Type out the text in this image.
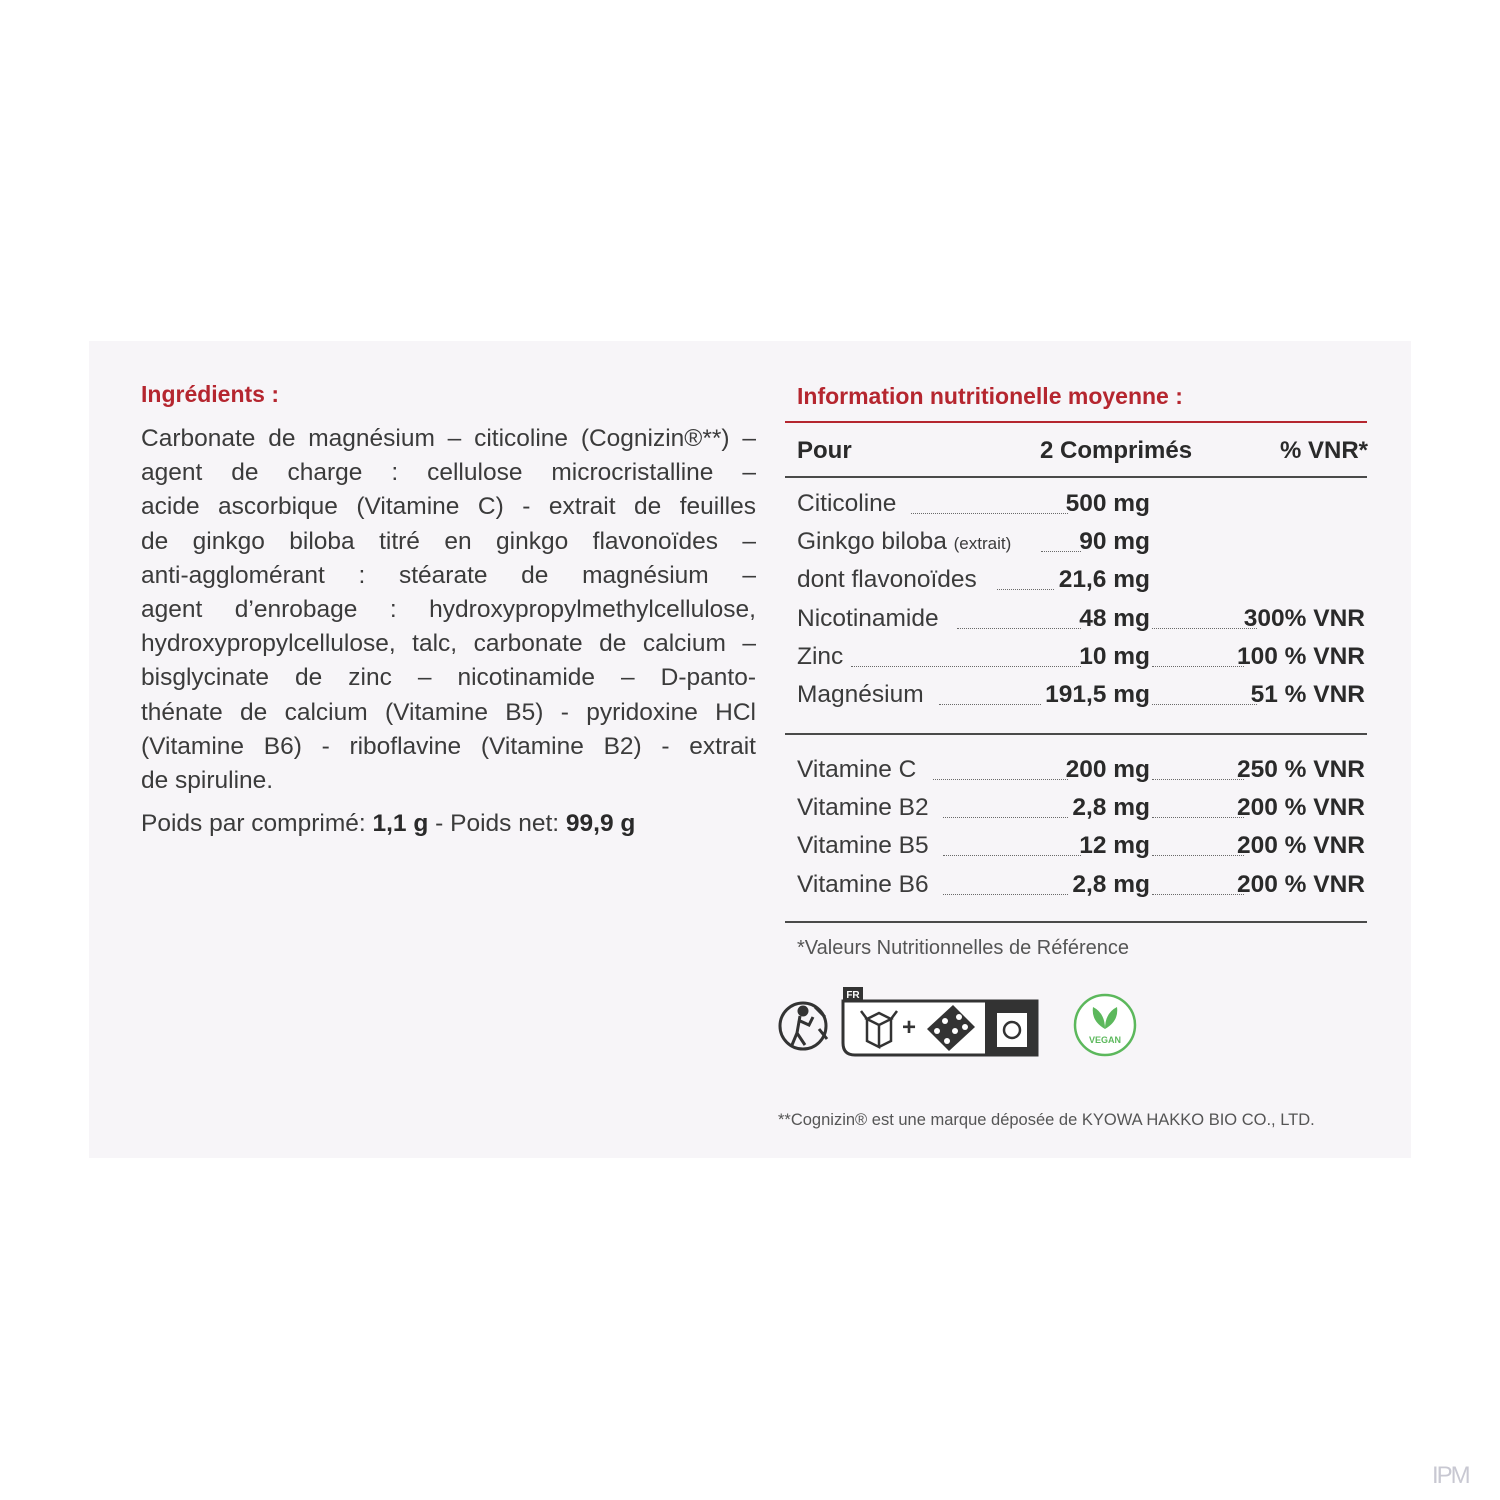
Ingrédients :
Carbonate de magnésium – citicoline (Cognizin®**) –
agent de charge : cellulose microcristalline –
acide ascorbique (Vitamine C) - extrait de feuilles
de ginkgo biloba titré en ginkgo flavonoïdes –
anti-agglomérant : stéarate de magnésium –
agent d’enrobage : hydroxypropylmethylcellulose,
hydroxypropylcellulose, talc, carbonate de calcium –
bisglycinate de zinc – nicotinamide – D-panto-
thénate de calcium (Vitamine B5) - pyridoxine HCl
(Vitamine B6) - riboflavine (Vitamine B2) - extrait
de spiruline.
Poids par comprimé: 1,1 g - Poids net: 99,9 g
Information nutritionelle moyenne :
Pour	2 Comprimés	% VNR*
Citicoline	500 mg
Ginkgo biloba (extrait)	90 mg
dont flavonoïdes	21,6 mg
Nicotinamide	48 mg	300% VNR
Zinc	10 mg	100 % VNR
Magnésium	191,5 mg	51 % VNR
Vitamine C	200 mg	250 % VNR
Vitamine B2	2,8 mg	200 % VNR
Vitamine B5	12 mg	200 % VNR
Vitamine B6	2,8 mg	200 % VNR
*Valeurs Nutritionnelles de Référence
FR
+	VEGAN
**Cognizin® est une marque déposée de KYOWA HAKKO BIO CO., LTD.
IPM
